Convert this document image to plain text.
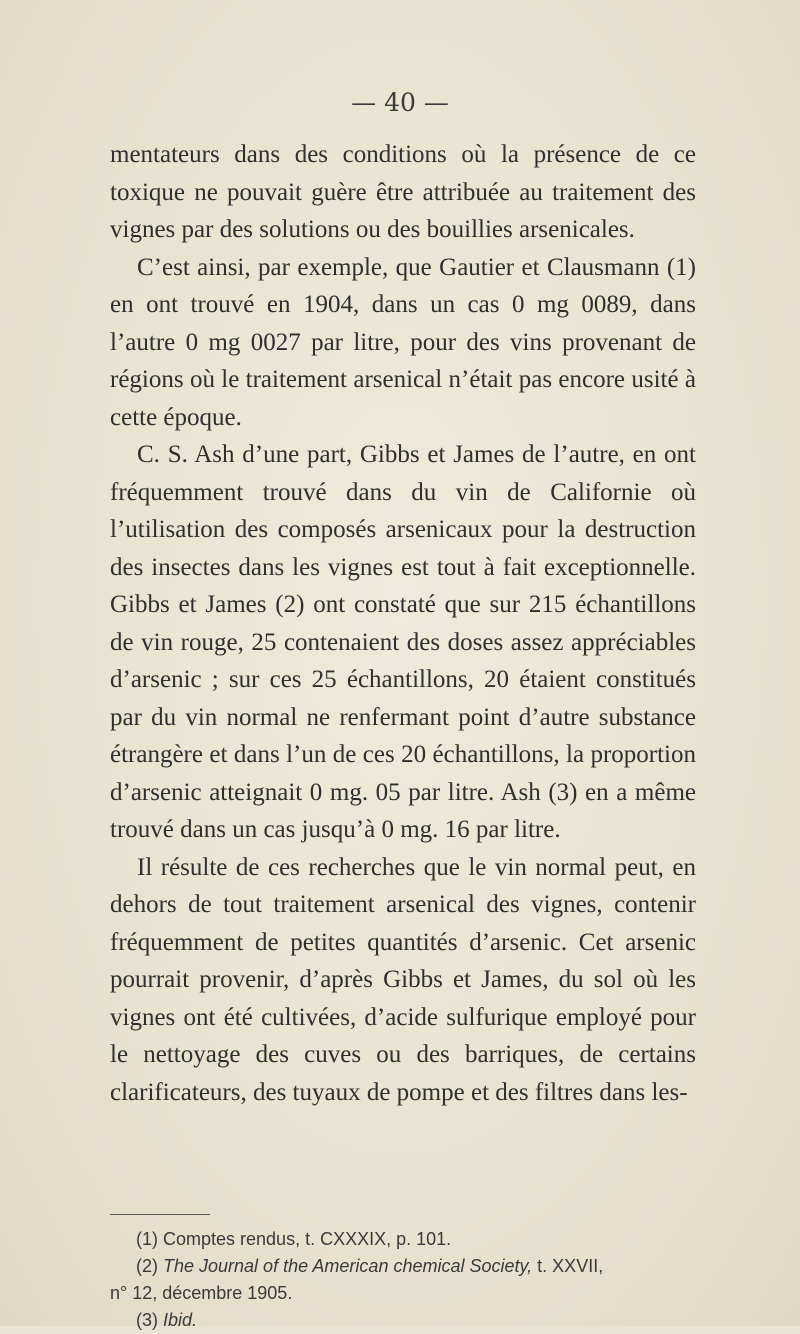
— 40 —

mentateurs dans des conditions où la présence de ce toxique ne pouvait guère être attribuée au traitement des vignes par des solutions ou des bouillies arsenicales.

C’est ainsi, par exemple, que Gautier et Clausmann (1) en ont trouvé en 1904, dans un cas 0 mg 0089, dans l’autre 0 mg 0027 par litre, pour des vins provenant de régions où le traitement arsenical n’était pas encore usité à cette époque.

C. S. Ash d’une part, Gibbs et James de l’autre, en ont fréquemment trouvé dans du vin de Californie où l’utilisation des composés arsenicaux pour la destruction des insectes dans les vignes est tout à fait exceptionnelle. Gibbs et James (2) ont constaté que sur 215 échantillons de vin rouge, 25 contenaient des doses assez appréciables d’arsenic ; sur ces 25 échantillons, 20 étaient constitués par du vin normal ne renfermant point d’autre substance étrangère et dans l’un de ces 20 échantillons, la proportion d’arsenic atteignait 0 mg. 05 par litre. Ash (3) en a même trouvé dans un cas jusqu’à 0 mg. 16 par litre.

Il résulte de ces recherches que le vin normal peut, en dehors de tout traitement arsenical des vignes, contenir fréquemment de petites quantités d’arsenic. Cet arsenic pourrait provenir, d’après Gibbs et James, du sol où les vignes ont été cultivées, d’acide sulfurique employé pour le nettoyage des cuves ou des barriques, de certains clarificateurs, des tuyaux de pompe et des filtres dans les-

(1) Comptes rendus, t. CXXXIX, p. 101.

(2) The Journal of the American chemical Society, t. XXVII,

n° 12, décembre 1905.

(3) Ibid.
